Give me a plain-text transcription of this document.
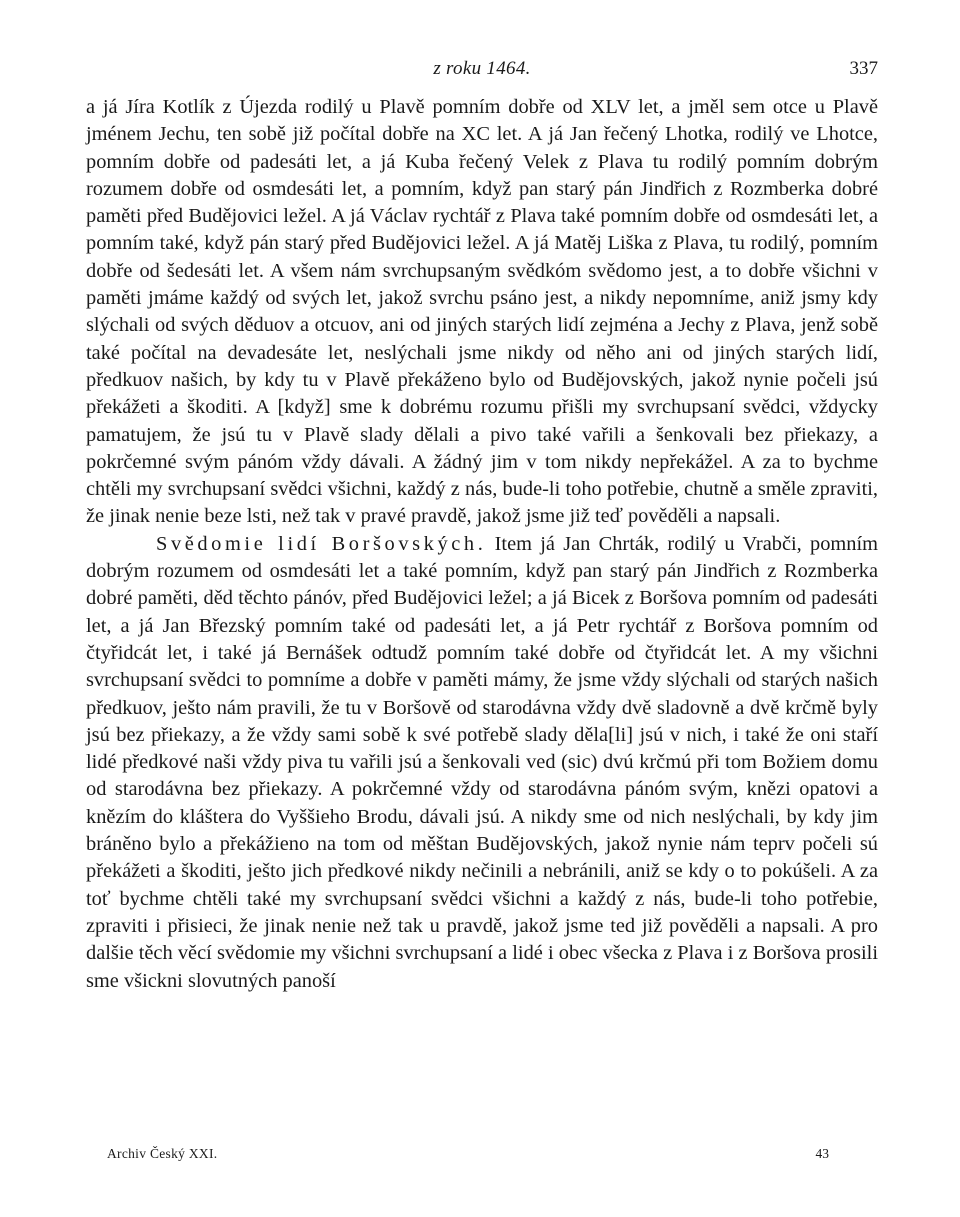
z roku 1464.	337

a já Jíra Kotlík z Újezda rodilý u Plavě pomním dobře od XLV let, a jměl sem otce u Plavě jménem Jechu, ten sobě již počítal dobře na XC let. A já Jan řečený Lhotka, rodilý ve Lhotce, pomním dobře od padesáti let, a já Kuba řečený Velek z Plava tu rodilý pomním dobrým rozumem dobře od osmdesáti let, a pomním, když pan starý pán Jindřich z Rozmberka dobré paměti před Budějovici ležel. A já Václav rychtář z Plava také pomním dobře od osmdesáti let, a pomním také, když pán starý před Budějovici ležel. A já Matěj Liška z Plava, tu rodilý, pomním dobře od šedesáti let. A všem nám svrchupsaným svědkóm svědomo jest, a to dobře všichni v paměti jmáme každý od svých let, jakož svrchu psáno jest, a nikdy nepomníme, aniž jsmy kdy slýchali od svých děduov a otcuov, ani od jiných starých lidí zejména a Jechy z Plava, jenž sobě také počítal na devadesáte let, neslýchali jsme nikdy od něho ani od jiných starých lidí, předkuov našich, by kdy tu v Plavě překáženo bylo od Budějovských, jakož nynie počeli jsú překážeti a škoditi. A [když] sme k dobrému rozumu přišli my svrchupsaní svědci, vždycky pamatujem, že jsú tu v Plavě slady dělali a pivo také vařili a šenkovali bez přiekazy, a pokrčemné svým pánóm vždy dávali. A žádný jim v tom nikdy nepřekážel. A za to bychme chtěli my svrchupsaní svědci všichni, každý z nás, bude-li toho potřebie, chutně a směle zpraviti, že jinak nenie beze lsti, než tak v pravé pravdě, jakož jsme již teď pověděli a napsali.

Svědomie lidí Boršovských. Item já Jan Chrták, rodilý u Vrabči, pomním dobrým rozumem od osmdesáti let a také pomním, když pan starý pán Jindřich z Rozmberka dobré paměti, děd těchto pánóv, před Budějovici ležel; a já Bicek z Boršova pomním od padesáti let, a já Jan Březský pomním také od padesáti let, a já Petr rychtář z Boršova pomním od čtyřidcát let, i také já Bernášek odtudž pomním také dobře od čtyřidcát let. A my všichni svrchupsaní svědci to pomníme a dobře v paměti mámy, že jsme vždy slýchali od starých našich předkuov, ješto nám pravili, že tu v Boršově od starodávna vždy dvě sladovně a dvě krčmě byly jsú bez přiekazy, a že vždy sami sobě k své potřebě slady děla[li] jsú v nich, i také že oni staří lidé předkové naši vždy piva tu vařili jsú a šenkovali ved (sic) dvú krčmú při tom Božiem domu od starodávna bez přiekazy. A pokrčemné vždy od starodávna pánóm svým, knězi opatovi a knězím do kláštera do Vyššieho Brodu, dávali jsú. A nikdy sme od nich neslýchali, by kdy jim bráněno bylo a překážieno na tom od měštan Budějovských, jakož nynie nám teprv počeli sú překážeti a škoditi, ješto jich předkové nikdy nečinili a nebránili, aniž se kdy o to pokúšeli. A za toť bychme chtěli také my svrchupsaní svědci všichni a každý z nás, bude-li toho potřebie, zpraviti i přisieci, že jinak nenie než tak u pravdě, jakož jsme ted již pověděli a napsali. A pro dalšie těch věcí svědomie my všichni svrchupsaní a lidé i obec všecka z Plava i z Boršova prosili sme všickni slovutných panoší

Archiv Český XXI.	43
